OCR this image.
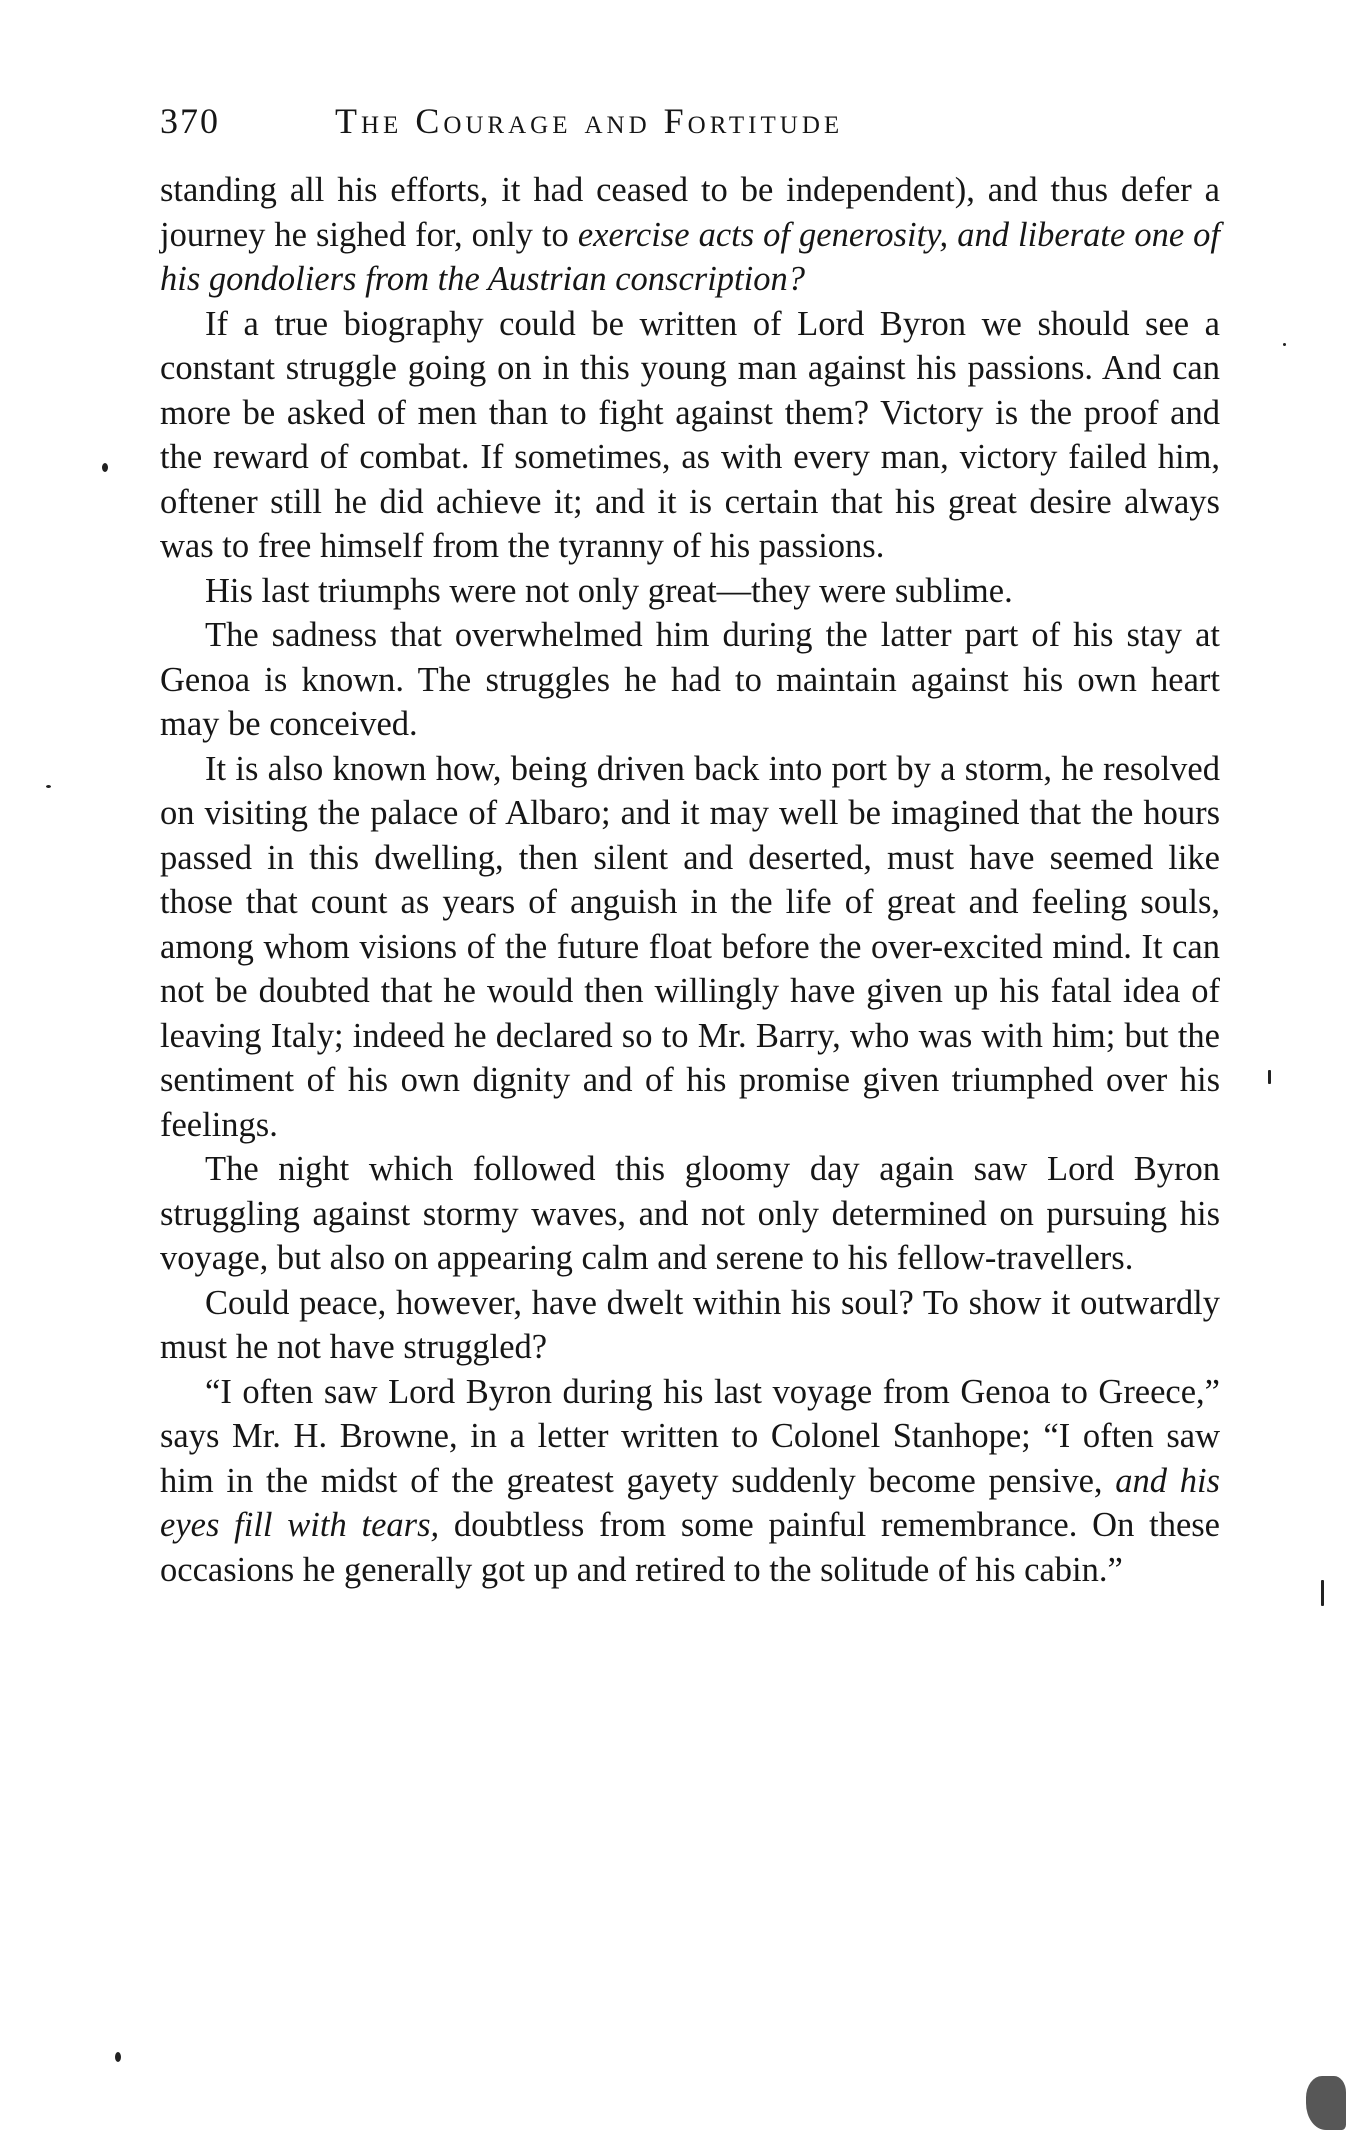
370	The Courage and Fortitude

standing all his efforts, it had ceased to be independent), and thus defer a journey he sighed for, only to exercise acts of generosity, and liberate one of his gondoliers from the Austrian conscription?

If a true biography could be written of Lord Byron we should see a constant struggle going on in this young man against his passions. And can more be asked of men than to fight against them? Victory is the proof and the reward of combat. If sometimes, as with every man, victory failed him, oftener still he did achieve it; and it is certain that his great desire always was to free himself from the tyranny of his passions.

His last triumphs were not only great—they were sublime.

The sadness that overwhelmed him during the latter part of his stay at Genoa is known. The struggles he had to maintain against his own heart may be conceived.

It is also known how, being driven back into port by a storm, he resolved on visiting the palace of Albaro; and it may well be imagined that the hours passed in this dwelling, then silent and deserted, must have seemed like those that count as years of anguish in the life of great and feeling souls, among whom visions of the future float before the over-excited mind. It can not be doubted that he would then willingly have given up his fatal idea of leaving Italy; indeed he declared so to Mr. Barry, who was with him; but the sentiment of his own dignity and of his promise given triumphed over his feelings.

The night which followed this gloomy day again saw Lord Byron struggling against stormy waves, and not only determined on pursuing his voyage, but also on appearing calm and serene to his fellow-travellers.

Could peace, however, have dwelt within his soul? To show it outwardly must he not have struggled?

“I often saw Lord Byron during his last voyage from Genoa to Greece,” says Mr. H. Browne, in a letter written to Colonel Stanhope; “I often saw him in the midst of the greatest gayety suddenly become pensive, and his eyes fill with tears, doubtless from some painful remembrance. On these occasions he generally got up and retired to the solitude of his cabin.”
